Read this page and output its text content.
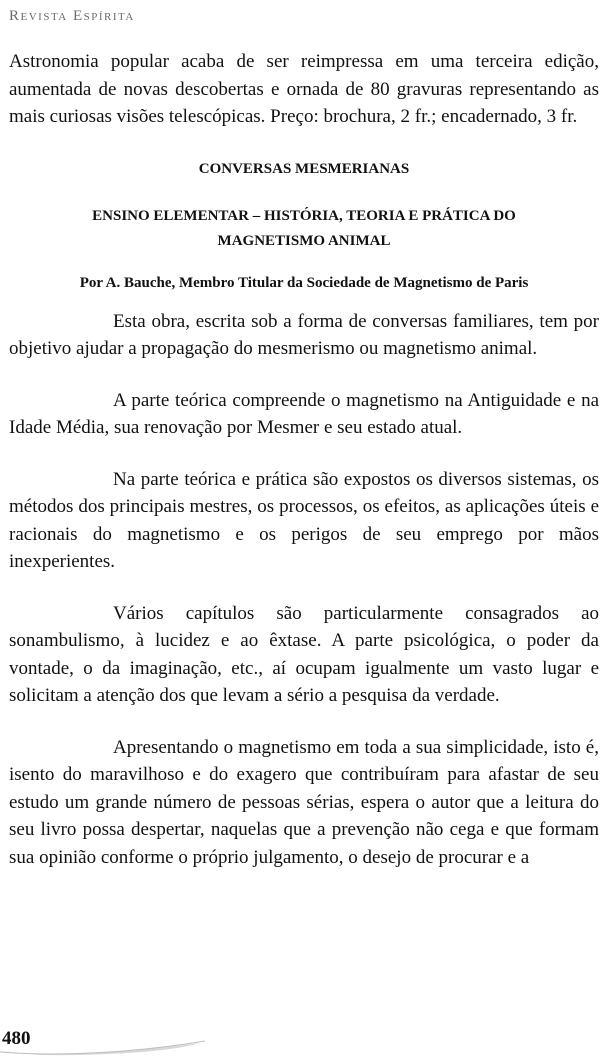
Revista Espírita

Astronomia popular acaba de ser reimpressa em uma terceira edição, aumentada de novas descobertas e ornada de 80 gravuras representando as mais curiosas visões telescópicas. Preço: brochura, 2 fr.; encadernado, 3 fr.

CONVERSAS MESMERIANAS
ENSINO ELEMENTAR – HISTÓRIA, TEORIA E PRÁTICA DO MAGNETISMO ANIMAL
Por A. Bauche, Membro Titular da Sociedade de Magnetismo de Paris

Esta obra, escrita sob a forma de conversas familiares, tem por objetivo ajudar a propagação do mesmerismo ou magnetismo animal.

A parte teórica compreende o magnetismo na Antiguidade e na Idade Média, sua renovação por Mesmer e seu estado atual.

Na parte teórica e prática são expostos os diversos sistemas, os métodos dos principais mestres, os processos, os efeitos, as aplicações úteis e racionais do magnetismo e os perigos de seu emprego por mãos inexperientes.

Vários capítulos são particularmente consagrados ao sonambulismo, à lucidez e ao êxtase. A parte psicológica, o poder da vontade, o da imaginação, etc., aí ocupam igualmente um vasto lugar e solicitam a atenção dos que levam a sério a pesquisa da verdade.

Apresentando o magnetismo em toda a sua simplicidade, isto é, isento do maravilhoso e do exagero que contribuíram para afastar de seu estudo um grande número de pessoas sérias, espera o autor que a leitura do seu livro possa despertar, naquelas que a prevenção não cega e que formam sua opinião conforme o próprio julgamento, o desejo de procurar e a

480
